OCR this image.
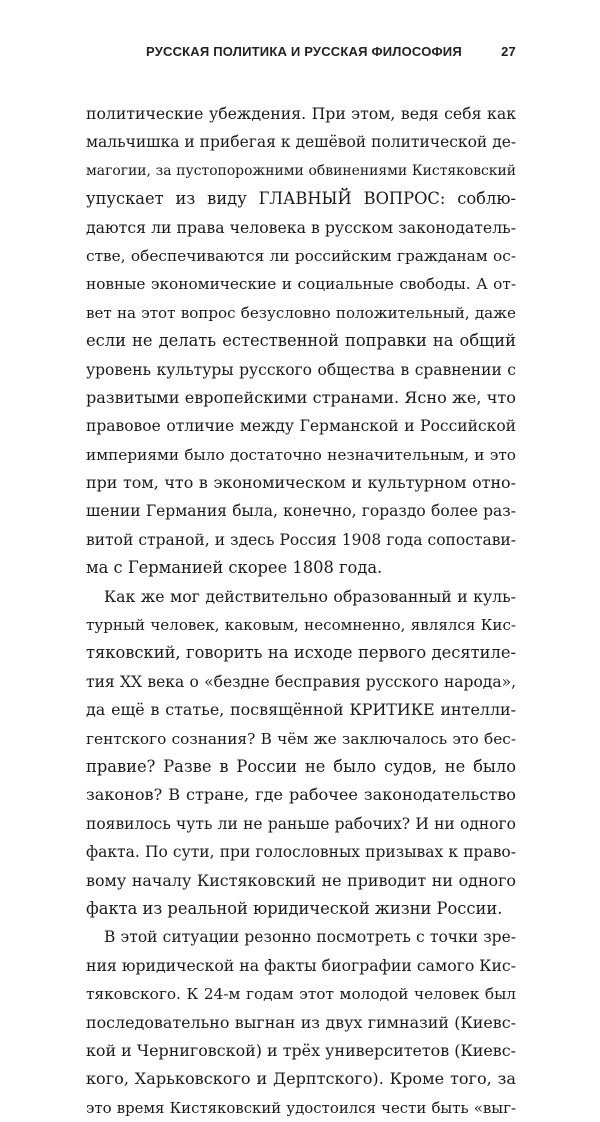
РУССКАЯ ПОЛИТИКА И РУССКАЯ ФИЛОСОФИЯ	27
политические убеждения. При этом, ведя себя как
мальчишка и прибегая к дешёвой политической де-
магогии, за пустопорожними обвинениями Кистяковский
упускает из виду ГЛАВНЫЙ ВОПРОС: соблю-
даются ли права человека в русском законодатель-
стве, обеспечиваются ли российским гражданам ос-
новные экономические и социальные свободы. А от-
вет на этот вопрос безусловно положительный, даже
если не делать естественной поправки на общий
уровень культуры русского общества в сравнении с
развитыми европейскими странами. Ясно же, что
правовое отличие между Германской и Российской
империями было достаточно незначительным, и это
при том, что в экономическом и культурном отно-
шении Германия была, конечно, гораздо более раз-
витой страной, и здесь Россия 1908 года сопостави-
ма с Германией скорее 1808 года.
Как же мог действительно образованный и куль-
турный человек, каковым, несомненно, являлся Кис-
тяковский, говорить на исходе первого десятиле-
тия XX века о «бездне бесправия русского народа»,
да ещё в статье, посвящённой КРИТИКЕ интелли-
гентского сознания? В чём же заключалось это бес-
правие? Разве в России не было судов, не было
законов? В стране, где рабочее законодательство
появилось чуть ли не раньше рабочих? И ни одного
факта. По сути, при голословных призывах к право-
вому началу Кистяковский не приводит ни одного
факта из реальной юридической жизни России.
В этой ситуации резонно посмотреть с точки зре-
ния юридической на факты биографии самого Кис-
тяковского. К 24-м годам этот молодой человек был
последовательно выгнан из двух гимназий (Киевс-
кой и Черниговской) и трёх университетов (Киевс-
кого, Харьковского и Дерптского). Кроме того, за
это время Кистяковский удостоился чести быть «выг-
